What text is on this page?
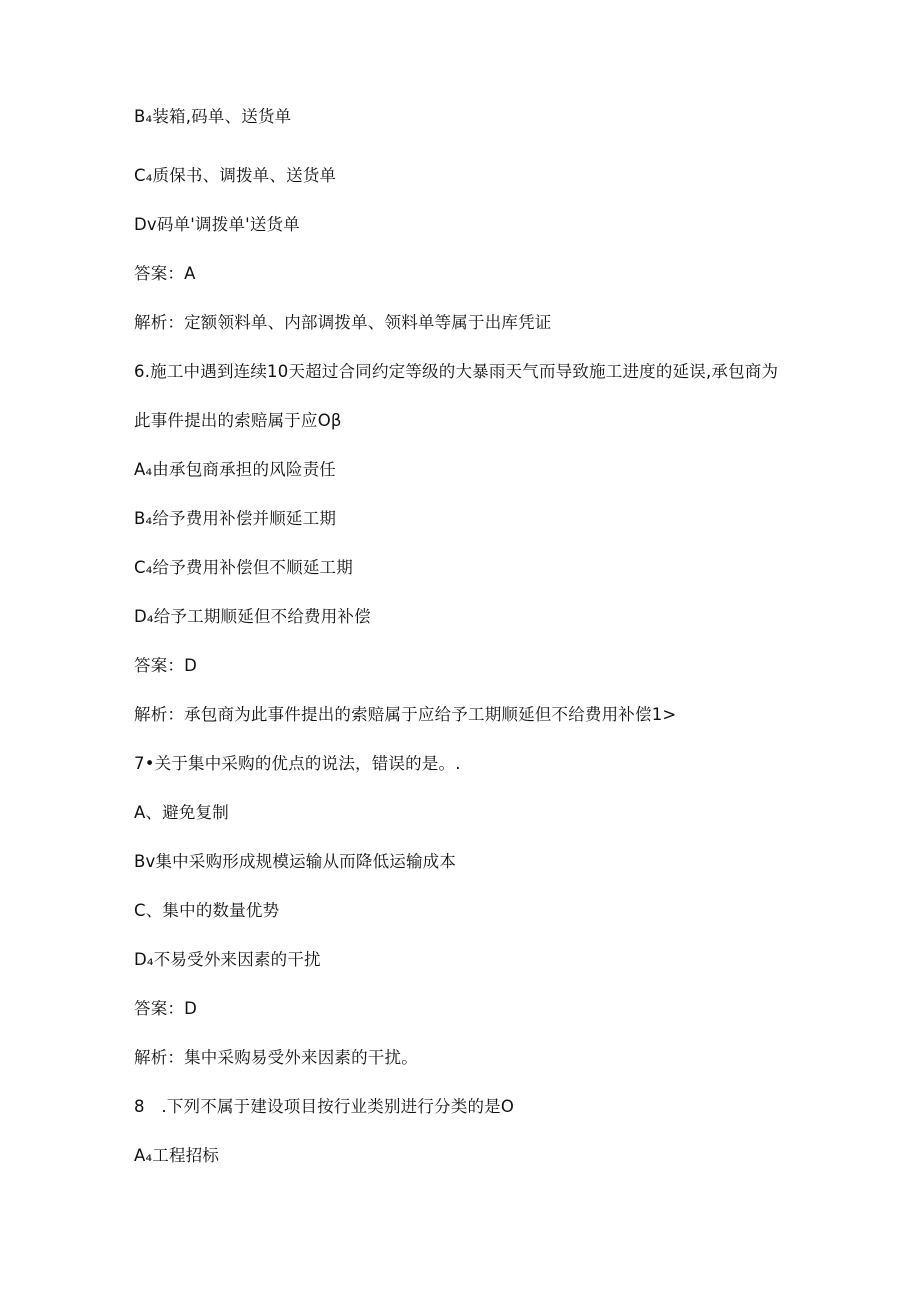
B₄装箱,码单、送货单
C₄质保书、调拨单、送货单
Dv码单'调拨单'送货单
答案：A
解析：定额领料单、内部调拨单、领料单等属于出库凭证
6.施工中遇到连续10天超过合同约定等级的大暴雨天气而导致施工进度的延误,承包商为
此事件提出的索赔属于应Oβ
A₄由承包商承担的风险责任
B₄给予费用补偿并顺延工期
C₄给予费用补偿但不顺延工期
D₄给予工期顺延但不给费用补偿
答案：D
解析：承包商为此事件提出的索赔属于应给予工期顺延但不给费用补偿1>
7•关于集中采购的优点的说法，错误的是。.
A、避免复制
Bv集中采购形成规模运输从而降低运输成本
C、集中的数量优势
D₄不易受外来因素的干扰
答案：D
解析：集中采购易受外来因素的干扰。
8　.下列不属于建设项目按行业类别进行分类的是O
A₄工程招标
